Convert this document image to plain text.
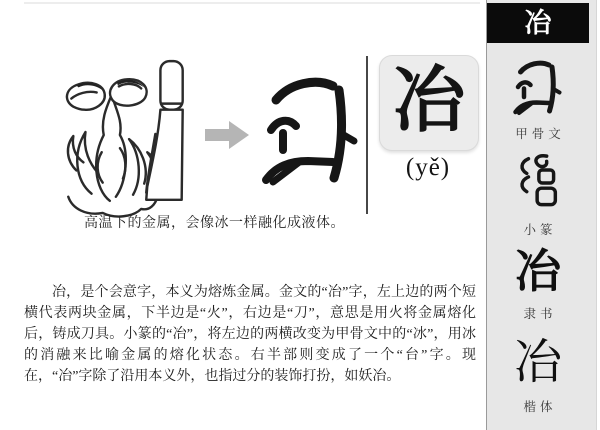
冶
(yě)
高温下的金属，会像冰一样融化成液体。
冶，是个会意字，本义为熔炼金属。金文的“冶”字，左上边的两个短横代表两块金属，下半边是“火”，右边是“刀”，意思是用火将金属熔化后，铸成刀具。小篆的“冶”，将左边的两横改变为甲骨文中的“冰”，用冰的消融来比喻金属的熔化状态。右半部则变成了一个“台”字。现在，“冶”字除了沿用本义外，也指过分的装饰打扮，如妖冶。
冶
甲骨文
小篆
冶
隶书
冶
楷体
